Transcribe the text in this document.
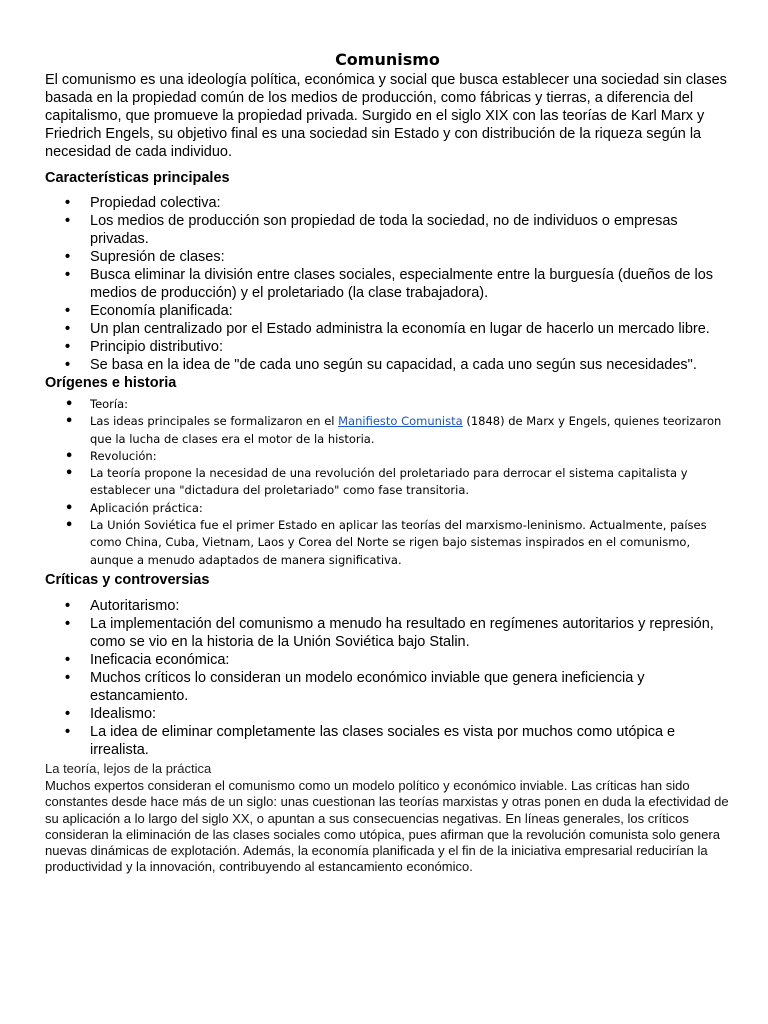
Comunismo

El comunismo es una ideología política, económica y social que busca establecer una sociedad sin clases basada en la propiedad común de los medios de producción, como fábricas y tierras, a diferencia del capitalismo, que promueve la propiedad privada. Surgido en el siglo XIX con las teorías de Karl Marx y Friedrich Engels, su objetivo final es una sociedad sin Estado y con distribución de la riqueza según la necesidad de cada individuo.

Características principales
• Propiedad colectiva:
• Los medios de producción son propiedad de toda la sociedad, no de individuos o empresas privadas.
• Supresión de clases:
• Busca eliminar la división entre clases sociales, especialmente entre la burguesía (dueños de los medios de producción) y el proletariado (la clase trabajadora).
• Economía planificada:
• Un plan centralizado por el Estado administra la economía en lugar de hacerlo un mercado libre.
• Principio distributivo:
• Se basa en la idea de "de cada uno según su capacidad, a cada uno según sus necesidades".
Orígenes e historia
• Teoría:
• Las ideas principales se formalizaron en el Manifiesto Comunista (1848) de Marx y Engels, quienes teorizaron que la lucha de clases era el motor de la historia.
• Revolución:
• La teoría propone la necesidad de una revolución del proletariado para derrocar el sistema capitalista y establecer una "dictadura del proletariado" como fase transitoria.
• Aplicación práctica:
• La Unión Soviética fue el primer Estado en aplicar las teorías del marxismo-leninismo. Actualmente, países como China, Cuba, Vietnam, Laos y Corea del Norte se rigen bajo sistemas inspirados en el comunismo, aunque a menudo adaptados de manera significativa.
Críticas y controversias
• Autoritarismo:
• La implementación del comunismo a menudo ha resultado en regímenes autoritarios y represión, como se vio en la historia de la Unión Soviética bajo Stalin.
• Ineficacia económica:
• Muchos críticos lo consideran un modelo económico inviable que genera ineficiencia y estancamiento.
• Idealismo:
• La idea de eliminar completamente las clases sociales es vista por muchos como utópica e irrealista.

La teoría, lejos de la práctica

Muchos expertos consideran el comunismo como un modelo político y económico inviable. Las críticas han sido constantes desde hace más de un siglo: unas cuestionan las teorías marxistas y otras ponen en duda la efectividad de su aplicación a lo largo del siglo XX, o apuntan a sus consecuencias negativas. En líneas generales, los críticos consideran la eliminación de las clases sociales como utópica, pues afirman que la revolución comunista solo genera nuevas dinámicas de explotación. Además, la economía planificada y el fin de la iniciativa empresarial reducirían la productividad y la innovación, contribuyendo al estancamiento económico.
